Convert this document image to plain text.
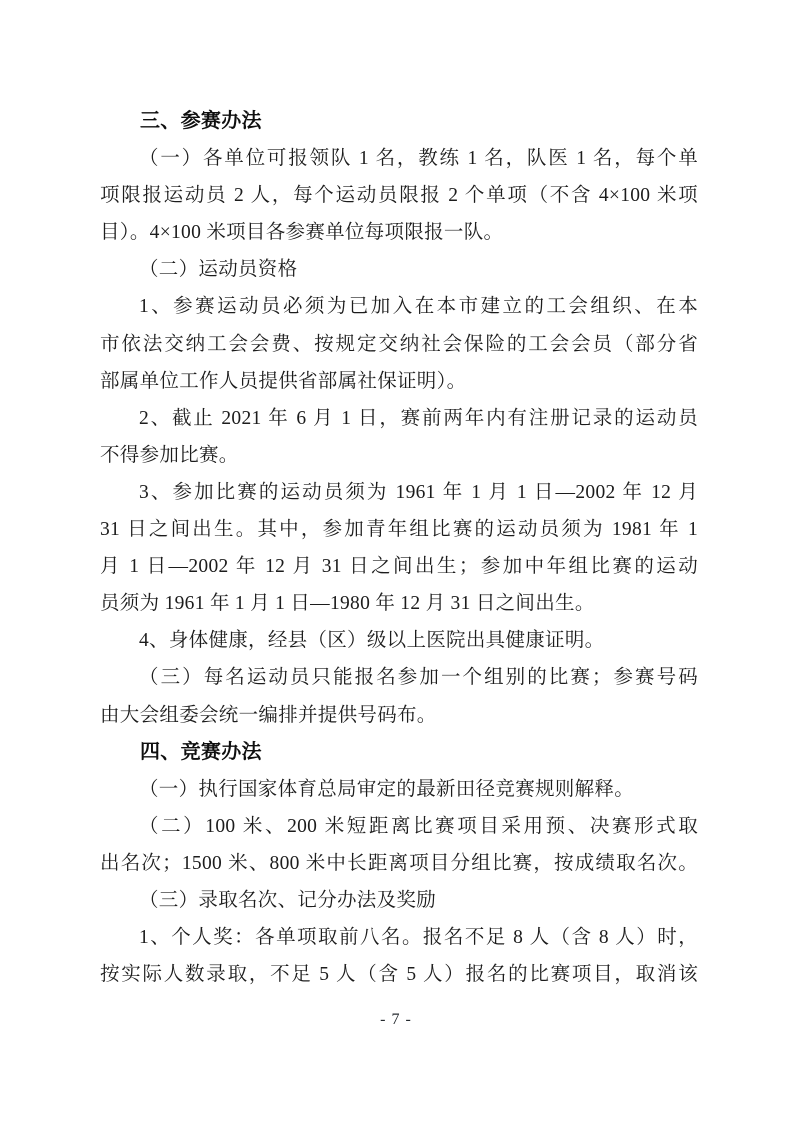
三、参赛办法
（一）各单位可报领队 1 名，教练 1 名，队医 1 名，每个单
项限报运动员 2 人，每个运动员限报 2 个单项（不含 4×100 米项
目）。4×100 米项目各参赛单位每项限报一队。
（二）运动员资格
1、参赛运动员必须为已加入在本市建立的工会组织、在本
市依法交纳工会会费、按规定交纳社会保险的工会会员（部分省
部属单位工作人员提供省部属社保证明）。
2、截止 2021 年 6 月 1 日，赛前两年内有注册记录的运动员
不得参加比赛。
3、参加比赛的运动员须为 1961 年 1 月 1 日—2002 年 12 月
31 日之间出生。其中，参加青年组比赛的运动员须为 1981 年 1
月 1 日—2002 年 12 月 31 日之间出生；参加中年组比赛的运动
员须为 1961 年 1 月 1 日—1980 年 12 月 31 日之间出生。
4、身体健康，经县（区）级以上医院出具健康证明。
（三）每名运动员只能报名参加一个组别的比赛；参赛号码
由大会组委会统一编排并提供号码布。
四、竞赛办法
（一）执行国家体育总局审定的最新田径竞赛规则解释。
（二）100 米、200 米短距离比赛项目采用预、决赛形式取
出名次；1500 米、800 米中长距离项目分组比赛，按成绩取名次。
（三）录取名次、记分办法及奖励
1、个人奖：各单项取前八名。报名不足 8 人（含 8 人）时，
按实际人数录取，不足 5 人（含 5 人）报名的比赛项目，取消该
- 7 -
